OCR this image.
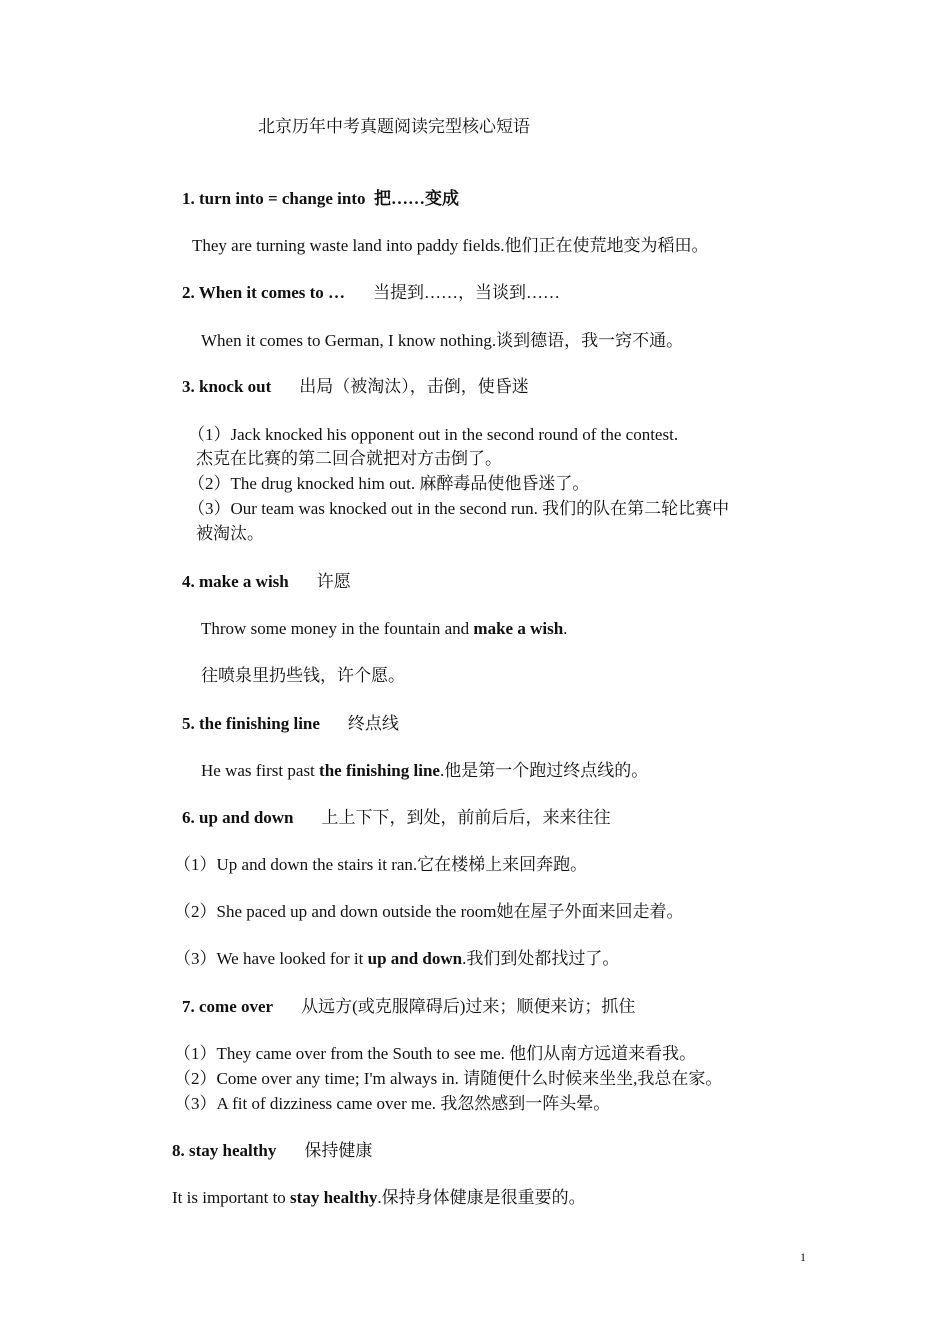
北京历年中考真题阅读完型核心短语
1. turn into = change into 把……变成
They are turning waste land into paddy fields.他们正在使荒地变为稻田。
2. When it comes to … 当提到……，当谈到……
When it comes to German, I know nothing.谈到德语，我一窍不通。
3. knock out 出局（被淘汰），击倒，使昏迷
（1）Jack knocked his opponent out in the second round of the contest.
杰克在比赛的第二回合就把对方击倒了。
（2）The drug knocked him out. 麻醉毒品使他昏迷了。
（3）Our team was knocked out in the second run. 我们的队在第二轮比赛中
被淘汰。
4. make a wish 许愿
Throw some money in the fountain and make a wish.
往喷泉里扔些钱，许个愿。
5. the finishing line 终点线
He was first past the finishing line.他是第一个跑过终点线的。
6. up and down 上上下下，到处，前前后后，来来往往
（1）Up and down the stairs it ran.它在楼梯上来回奔跑。
（2）She paced up and down outside the room她在屋子外面来回走着。
（3）We have looked for it up and down.我们到处都找过了。
7. come over 从远方(或克服障碍后)过来；顺便来访；抓住
（1）They came over from the South to see me. 他们从南方远道来看我。
（2）Come over any time; I'm always in. 请随便什么时候来坐坐,我总在家。
（3）A fit of dizziness came over me. 我忽然感到一阵头晕。
8. stay healthy 保持健康
It is important to stay healthy.保持身体健康是很重要的。
1
